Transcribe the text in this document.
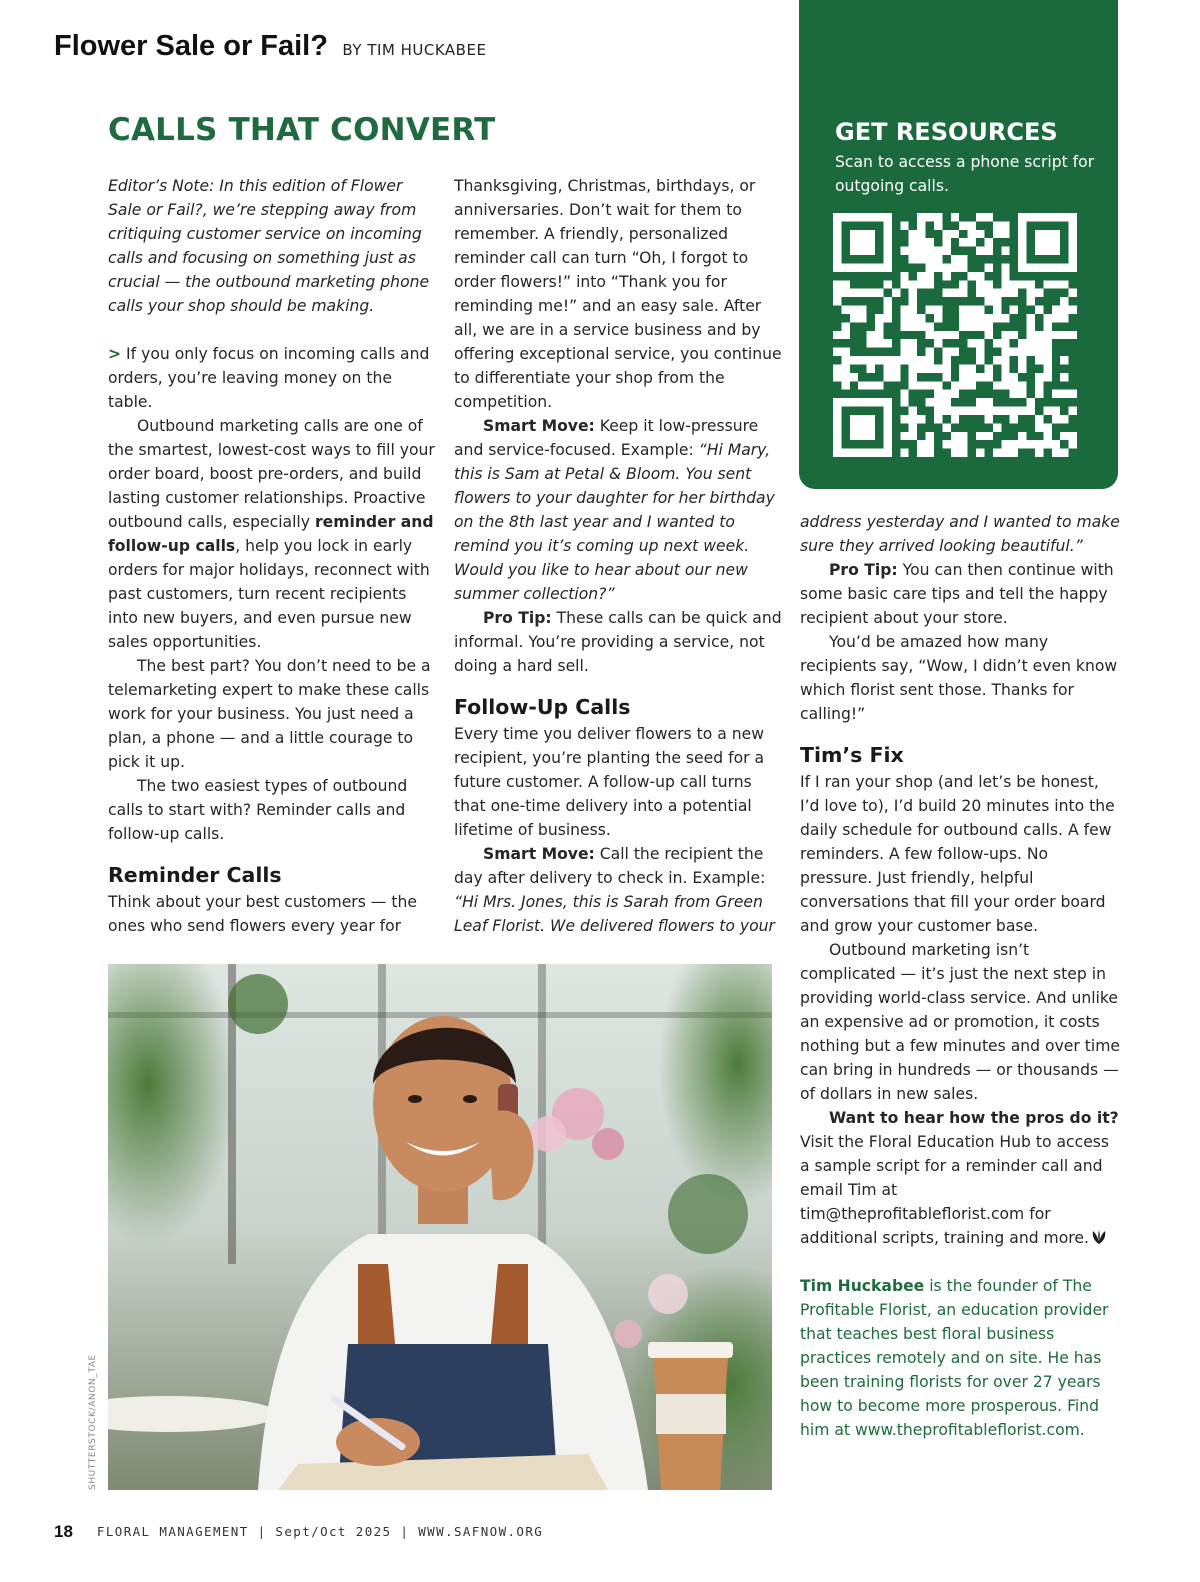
Flower Sale or Fail? BY TIM HUCKABEE
CALLS THAT CONVERT

Editor’s Note: In this edition of Flower Sale or Fail?, we’re stepping away from critiquing customer service on incoming calls and focusing on something just as crucial — the outbound marketing phone calls your shop should be making.

> If you only focus on incoming calls and orders, you’re leaving money on the table.

Outbound marketing calls are one of the smartest, lowest-cost ways to fill your order board, boost pre-orders, and build lasting customer relationships. Proactive outbound calls, especially reminder and follow-up calls, help you lock in early orders for major holidays, reconnect with past customers, turn recent recipients into new buyers, and even pursue new sales opportunities.

The best part? You don’t need to be a telemarketing expert to make these calls work for your business. You just need a plan, a phone — and a little courage to pick it up.

The two easiest types of outbound calls to start with? Reminder calls and follow-up calls.

Reminder Calls

Think about your best customers — the ones who send flowers every year for

Thanksgiving, Christmas, birthdays, or anniversaries. Don’t wait for them to remember. A friendly, personalized reminder call can turn “Oh, I forgot to order flowers!” into “Thank you for reminding me!” and an easy sale. After all, we are in a service business and by offering exceptional service, you continue to differentiate your shop from the competition.

Smart Move: Keep it low-pressure and service-focused. Example: “Hi Mary, this is Sam at Petal & Bloom. You sent flowers to your daughter for her birthday on the 8th last year and I wanted to remind you it’s coming up next week. Would you like to hear about our new summer collection?”

Pro Tip: These calls can be quick and informal. You’re providing a service, not doing a hard sell.

Follow-Up Calls

Every time you deliver flowers to a new recipient, you’re planting the seed for a future customer. A follow-up call turns that one-time delivery into a potential lifetime of business.

Smart Move: Call the recipient the day after delivery to check in. Example: “Hi Mrs. Jones, this is Sarah from Green Leaf Florist. We delivered flowers to your

GET RESOURCES
Scan to access a phone script for outgoing calls.

address yesterday and I wanted to make sure they arrived looking beautiful.”

Pro Tip: You can then continue with some basic care tips and tell the happy recipient about your store.

You’d be amazed how many recipients say, “Wow, I didn’t even know which florist sent those. Thanks for calling!”

Tim’s Fix

If I ran your shop (and let’s be honest, I’d love to), I’d build 20 minutes into the daily schedule for outbound calls. A few reminders. A few follow-ups. No pressure. Just friendly, helpful conversations that fill your order board and grow your customer base.

Outbound marketing isn’t complicated — it’s just the next step in providing world-class service. And unlike an expensive ad or promotion, it costs nothing but a few minutes and over time can bring in hundreds — or thousands — of dollars in new sales.

Want to hear how the pros do it?

Visit the Floral Education Hub to access a sample script for a reminder call and email Tim at tim@theprofitableflorist.com for additional scripts, training and more.

Tim Huckabee is the founder of The Profitable Florist, an education provider that teaches best floral business practices remotely and on site. He has been training florists for over 27 years how to become more prosperous. Find him at www.theprofitableflorist.com.

SHUTTERSTOCK/ANON_TAE
18 FLORAL MANAGEMENT | Sept/Oct 2025 | WWW.SAFNOW.ORG
